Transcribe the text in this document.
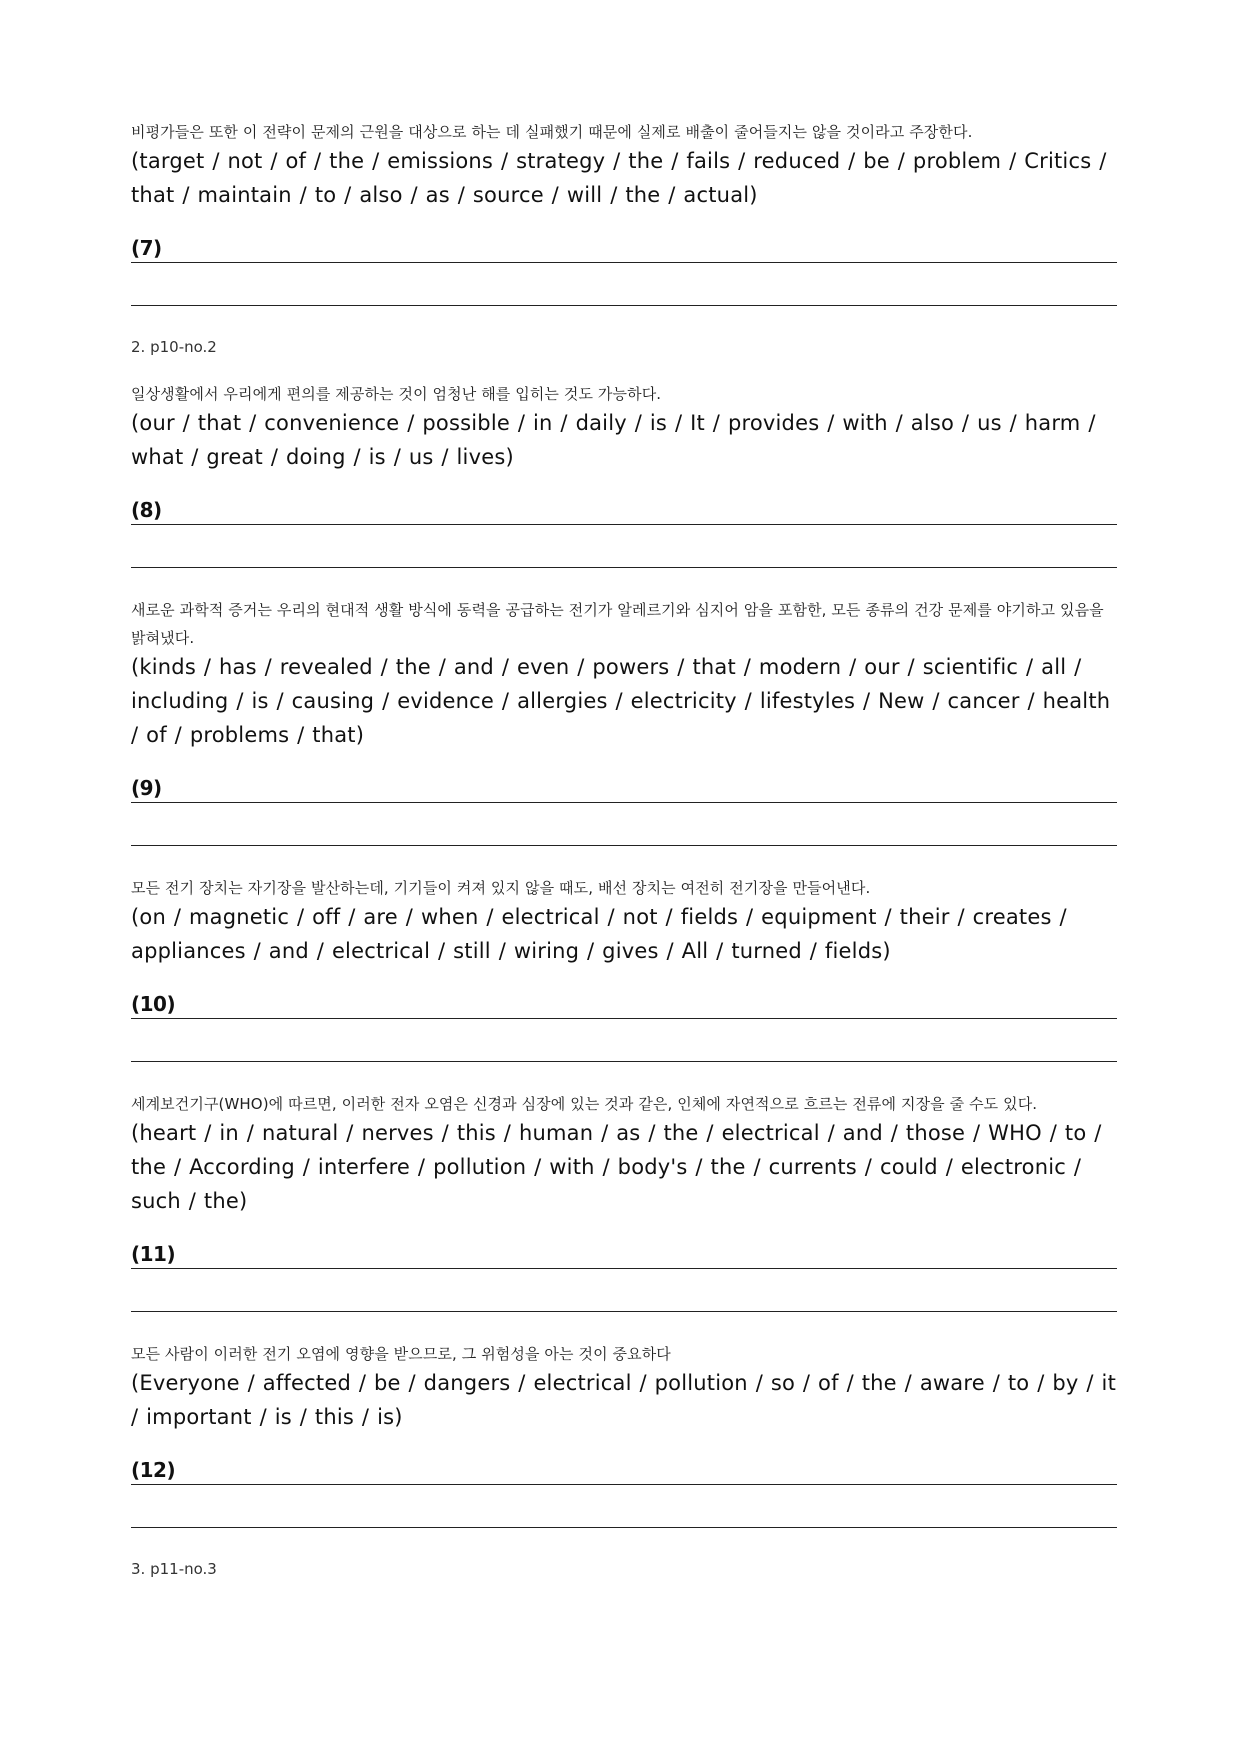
비평가들은 또한 이 전략이 문제의 근원을 대상으로 하는 데 실패했기 때문에 실제로 배출이 줄어들지는 않을 것이라고 주장한다.
(target / not / of / the / emissions / strategy / the / fails / reduced / be / problem / Critics / that / maintain / to / also / as / source / will / the / actual)
(7)
2. p10-no.2
일상생활에서 우리에게 편의를 제공하는 것이 엄청난 해를 입히는 것도 가능하다.
(our / that / convenience / possible / in / daily / is / It / provides / with / also / us / harm / what / great / doing / is / us / lives)
(8)
새로운 과학적 증거는 우리의 현대적 생활 방식에 동력을 공급하는 전기가 알레르기와 심지어 암을 포함한, 모든 종류의 건강 문제를 야기하고 있음을 밝혀냈다.
(kinds / has / revealed / the / and / even / powers / that / modern / our / scientific / all / including / is / causing / evidence / allergies / electricity / lifestyles / New / cancer / health / of / problems / that)
(9)
모든 전기 장치는 자기장을 발산하는데, 기기들이 켜져 있지 않을 때도, 배선 장치는 여전히 전기장을 만들어낸다.
(on / magnetic / off / are / when / electrical / not / fields / equipment / their / creates / appliances / and / electrical / still / wiring / gives / All / turned / fields)
(10)
세계보건기구(WHO)에 따르면, 이러한 전자 오염은 신경과 심장에 있는 것과 같은, 인체에 자연적으로 흐르는 전류에 지장을 줄 수도 있다.
(heart / in / natural / nerves / this / human / as / the / electrical / and / those / WHO / to / the / According / interfere / pollution / with / body's / the / currents / could / electronic / such / the)
(11)
모든 사람이 이러한 전기 오염에 영향을 받으므로, 그 위험성을 아는 것이 중요하다
(Everyone / affected / be / dangers / electrical / pollution / so / of / the / aware / to / by / it / important / is / this / is)
(12)
3. p11-no.3
